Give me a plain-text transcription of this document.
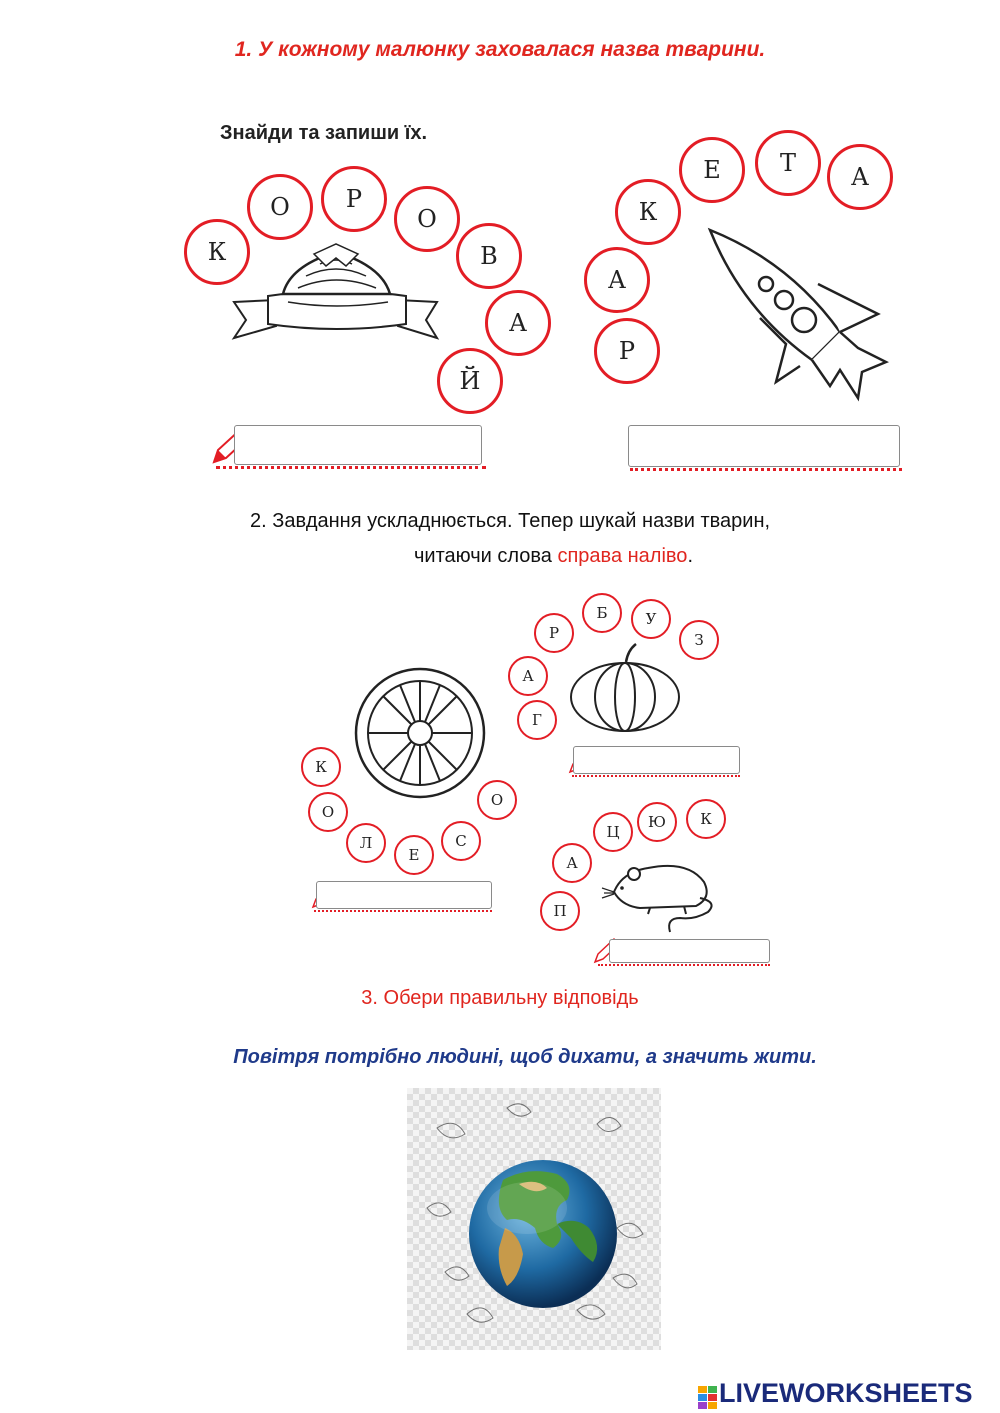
1. У кожному малюнку заховалася назва тварини.
Знайди та запиши їх.
К
О	Р
О
В
А
Й
Р
А
К
Е	Т	А
2. Завдання ускладнюється. Тепер шукай назви тварин,
читаючи слова справа наліво.
Г
А
Р
Б	У
З
К
О
Л
Е
С
О
П
А
Ц
Ю	К
3. Обери правильну відповідь
Повітря потрібно людині, щоб дихати, а значить жити.
LIVEWORKSHEETS
